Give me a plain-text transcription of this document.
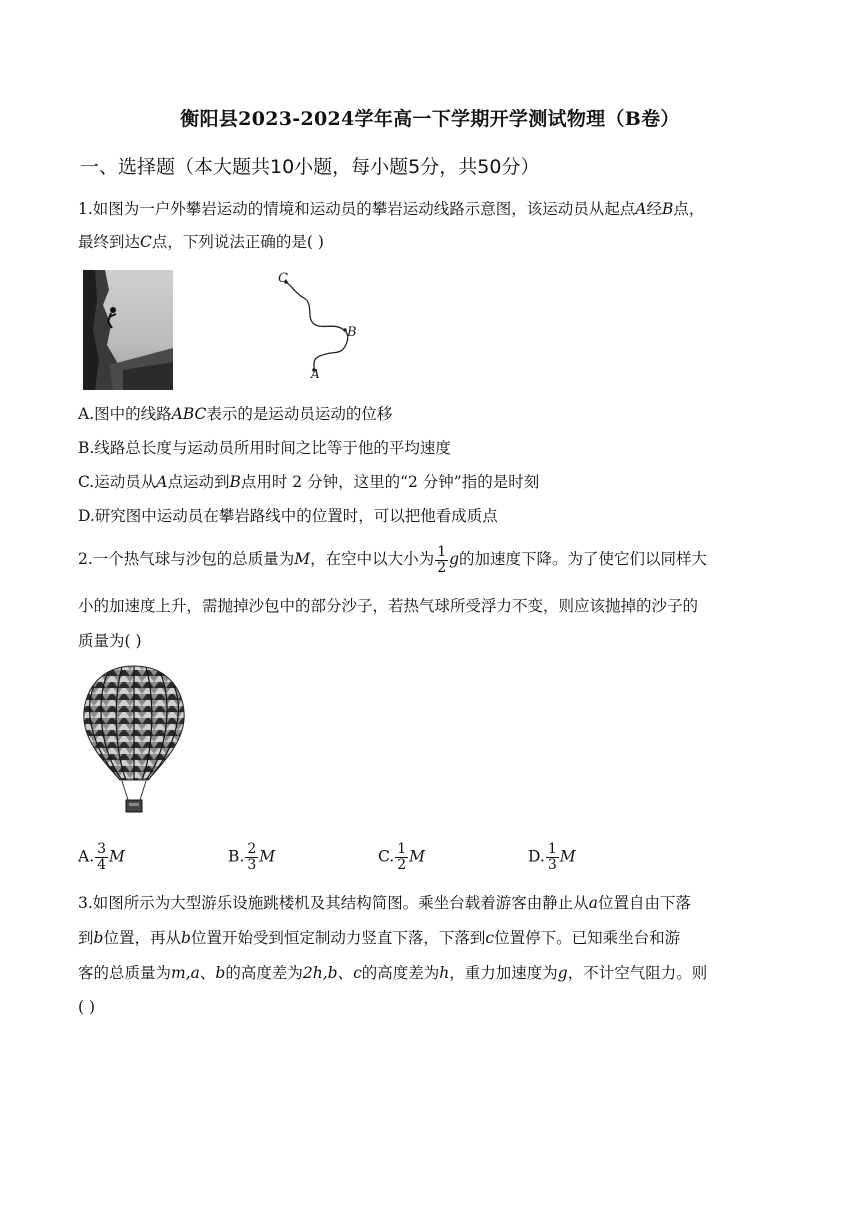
衡阳县2023-2024学年高一下学期开学测试物理（B卷）
一、选择题（本大题共10小题，每小题5分，共50分）
1.如图为一户外攀岩运动的情境和运动员的攀岩运动线路示意图，该运动员从起点A经B点，
最终到达C点，下列说法正确的是( )
C
B
A
A.图中的线路ABC表示的是运动员运动的位移
B.线路总长度与运动员所用时间之比等于他的平均速度
C.运动员从A点运动到B点用时 2 分钟，这里的“2 分钟”指的是时刻
D.研究图中运动员在攀岩路线中的位置时，可以把他看成质点
2.一个热气球与沙包的总质量为M，在空中以大小为 $\frac{1}{2}$ g的加速度下降。为了使它们以同样大
小的加速度上升，需抛掉沙包中的部分沙子，若热气球所受浮力不变，则应该抛掉的沙子的
质量为( )
A. $\frac{3}{4}$ M	B. $\frac{2}{3}$ M	C. $\frac{1}{2}$ M	D. $\frac{1}{3}$ M
3.如图所示为大型游乐设施跳楼机及其结构简图。乘坐台载着游客由静止从a位置自由下落
到b位置，再从b位置开始受到恒定制动力竖直下落，下落到c位置停下。已知乘坐台和游
客的总质量为m,a、b的高度差为2h,b、c的高度差为h，重力加速度为g，不计空气阻力。则
( )
